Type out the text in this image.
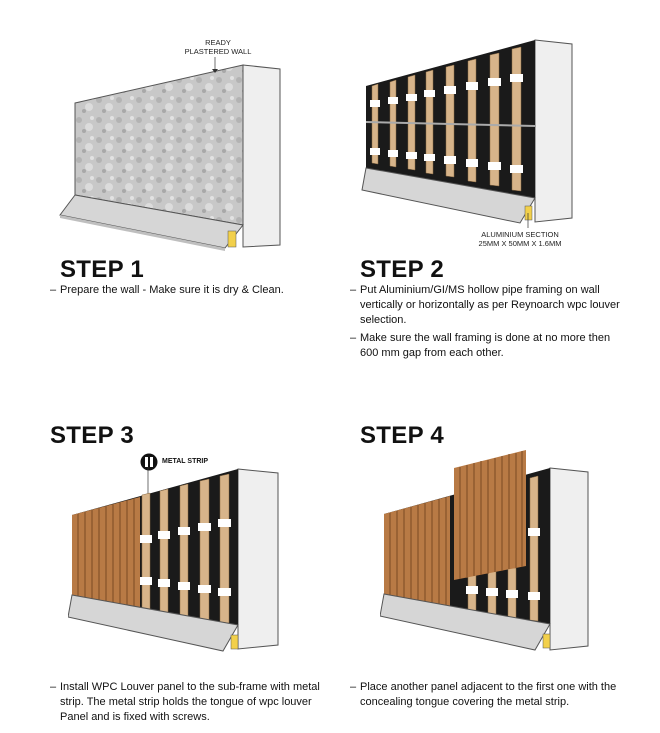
READY
PLASTERED WALL
ALUMINIUM SECTION
25MM X 50MM X 1.6MM
STEP 1
– Prepare the wall - Make sure it is dry & Clean.
STEP 2
– Put Aluminium/GI/MS hollow pipe framing on wall vertically or horizontally as per Reynoarch wpc louver selection.
– Make sure the wall framing is done at no more then 600 mm gap from each other.
STEP 3	STEP 4
METAL STRIP
– Install WPC Louver panel to the sub-frame with metal strip. The metal strip holds the tongue of wpc louver Panel and is fixed with screws.
– Place another panel adjacent to the first one with the concealing tongue covering the metal strip.
